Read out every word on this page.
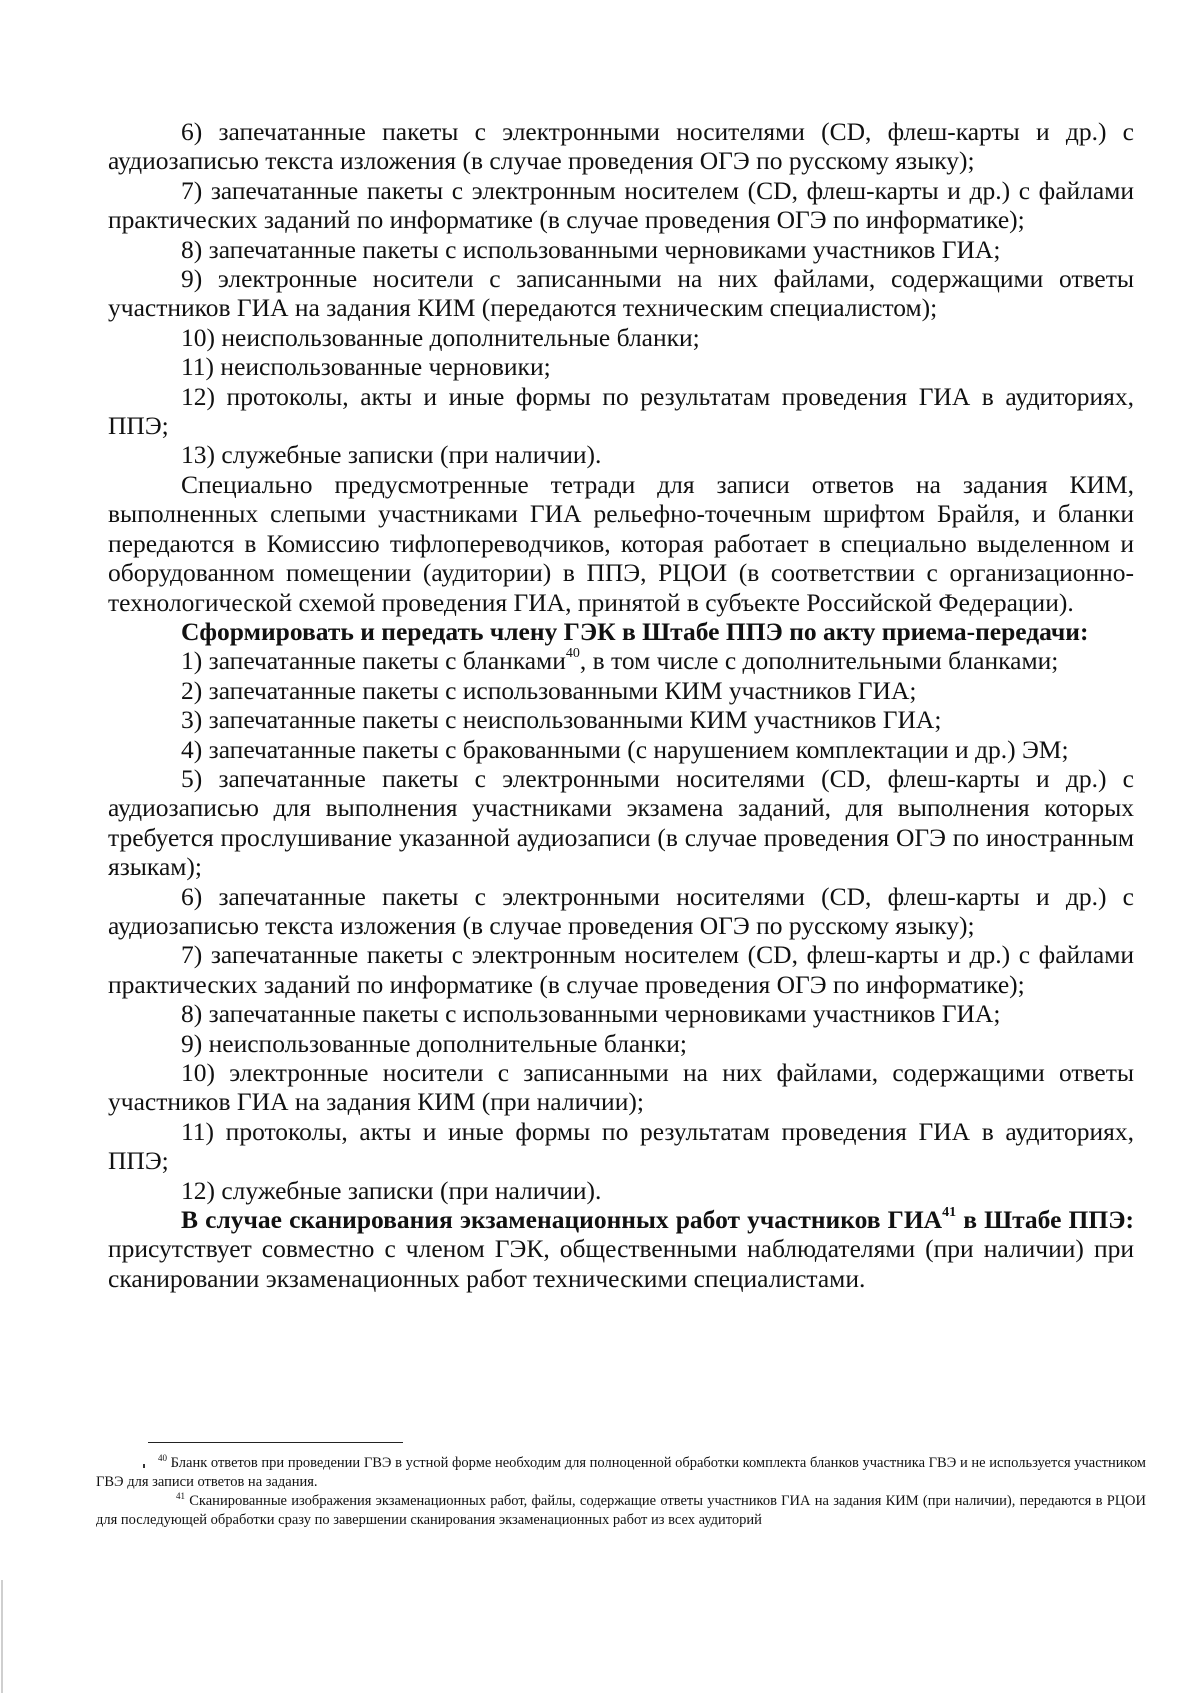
6) запечатанные пакеты с электронными носителями (CD, флеш-карты и др.) с аудиозаписью текста изложения (в случае проведения ОГЭ по русскому языку);

7) запечатанные пакеты с электронным носителем (CD, флеш-карты и др.) с файлами практических заданий по информатике (в случае проведения ОГЭ по информатике);

8) запечатанные пакеты с использованными черновиками участников ГИА;

9) электронные носители с записанными на них файлами, содержащими ответы участников ГИА на задания КИМ (передаются техническим специалистом);

10) неиспользованные дополнительные бланки;

11) неиспользованные черновики;

12) протоколы, акты и иные формы по результатам проведения ГИА в аудиториях, ППЭ;

13) служебные записки (при наличии).

Специально предусмотренные тетради для записи ответов на задания КИМ, выполненных слепыми участниками ГИА рельефно-точечным шрифтом Брайля, и бланки передаются в Комиссию тифлопереводчиков, которая работает в специально выделенном и оборудованном помещении (аудитории) в ППЭ, РЦОИ (в соответствии с организационно-технологической схемой проведения ГИА, принятой в субъекте Российской Федерации).

Сформировать и передать члену ГЭК в Штабе ППЭ по акту приема-передачи:

1) запечатанные пакеты с бланками$^{40}$, в том числе с дополнительными бланками;

2) запечатанные пакеты с использованными КИМ участников ГИА;

3) запечатанные пакеты с неиспользованными КИМ участников ГИА;

4) запечатанные пакеты с бракованными (с нарушением комплектации и др.) ЭМ;

5) запечатанные пакеты с электронными носителями (CD, флеш-карты и др.) с аудиозаписью для выполнения участниками экзамена заданий, для выполнения которых требуется прослушивание указанной аудиозаписи (в случае проведения ОГЭ по иностранным языкам);

6) запечатанные пакеты с электронными носителями (CD, флеш-карты и др.) с аудиозаписью текста изложения (в случае проведения ОГЭ по русскому языку);

7) запечатанные пакеты с электронным носителем (CD, флеш-карты и др.) с файлами практических заданий по информатике (в случае проведения ОГЭ по информатике);

8) запечатанные пакеты с использованными черновиками участников ГИА;

9) неиспользованные дополнительные бланки;

10) электронные носители с записанными на них файлами, содержащими ответы участников ГИА на задания КИМ (при наличии);

11) протоколы, акты и иные формы по результатам проведения ГИА в аудиториях, ППЭ;

12) служебные записки (при наличии).

В случае сканирования экзаменационных работ участников ГИА$^{41}$ в Штабе ППЭ: присутствует совместно с членом ГЭК, общественными наблюдателями (при наличии) при сканировании экзаменационных работ техническими специалистами.

$^{40}$ Бланк ответов при проведении ГВЭ в устной форме необходим для полноценной обработки комплекта бланков участника ГВЭ и не используется участником ГВЭ для записи ответов на задания.

$^{41}$ Сканированные изображения экзаменационных работ, файлы, содержащие ответы участников ГИА на задания КИМ (при наличии), передаются в РЦОИ для последующей обработки сразу по завершении сканирования экзаменационных работ из всех аудиторий
